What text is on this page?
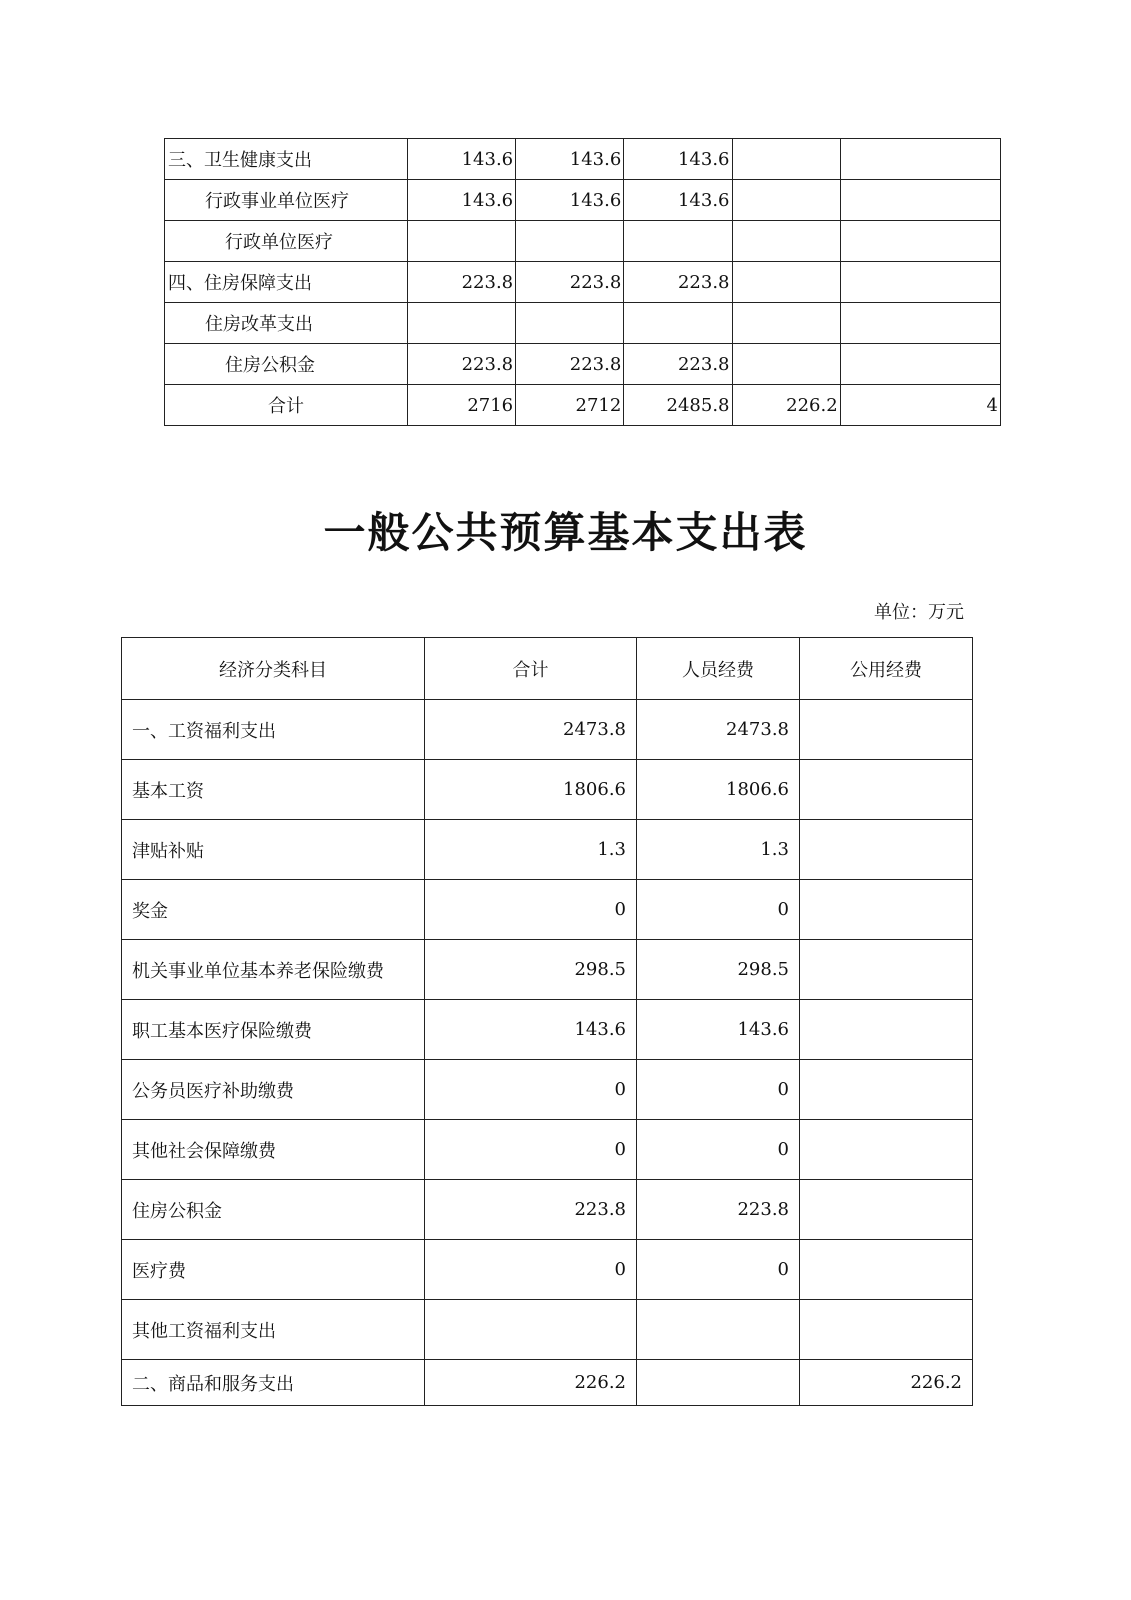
三、卫生健康支出	143.6	143.6	143.6		
行政事业单位医疗	143.6	143.6	143.6		
行政单位医疗					
四、住房保障支出	223.8	223.8	223.8		
住房改革支出					
住房公积金	223.8	223.8	223.8		
合计	2716	2712	2485.8	226.2	4
一般公共预算基本支出表
单位：万元
经济分类科目	合计	人员经费	公用经费
一、工资福利支出	2473.8	2473.8	
基本工资	1806.6	1806.6	
津贴补贴	1.3	1.3	
奖金	0	0	
机关事业单位基本养老保险缴费	298.5	298.5	
职工基本医疗保险缴费	143.6	143.6	
公务员医疗补助缴费	0	0	
其他社会保障缴费	0	0	
住房公积金	223.8	223.8	
医疗费	0	0	
其他工资福利支出			
二、商品和服务支出	226.2		226.2
